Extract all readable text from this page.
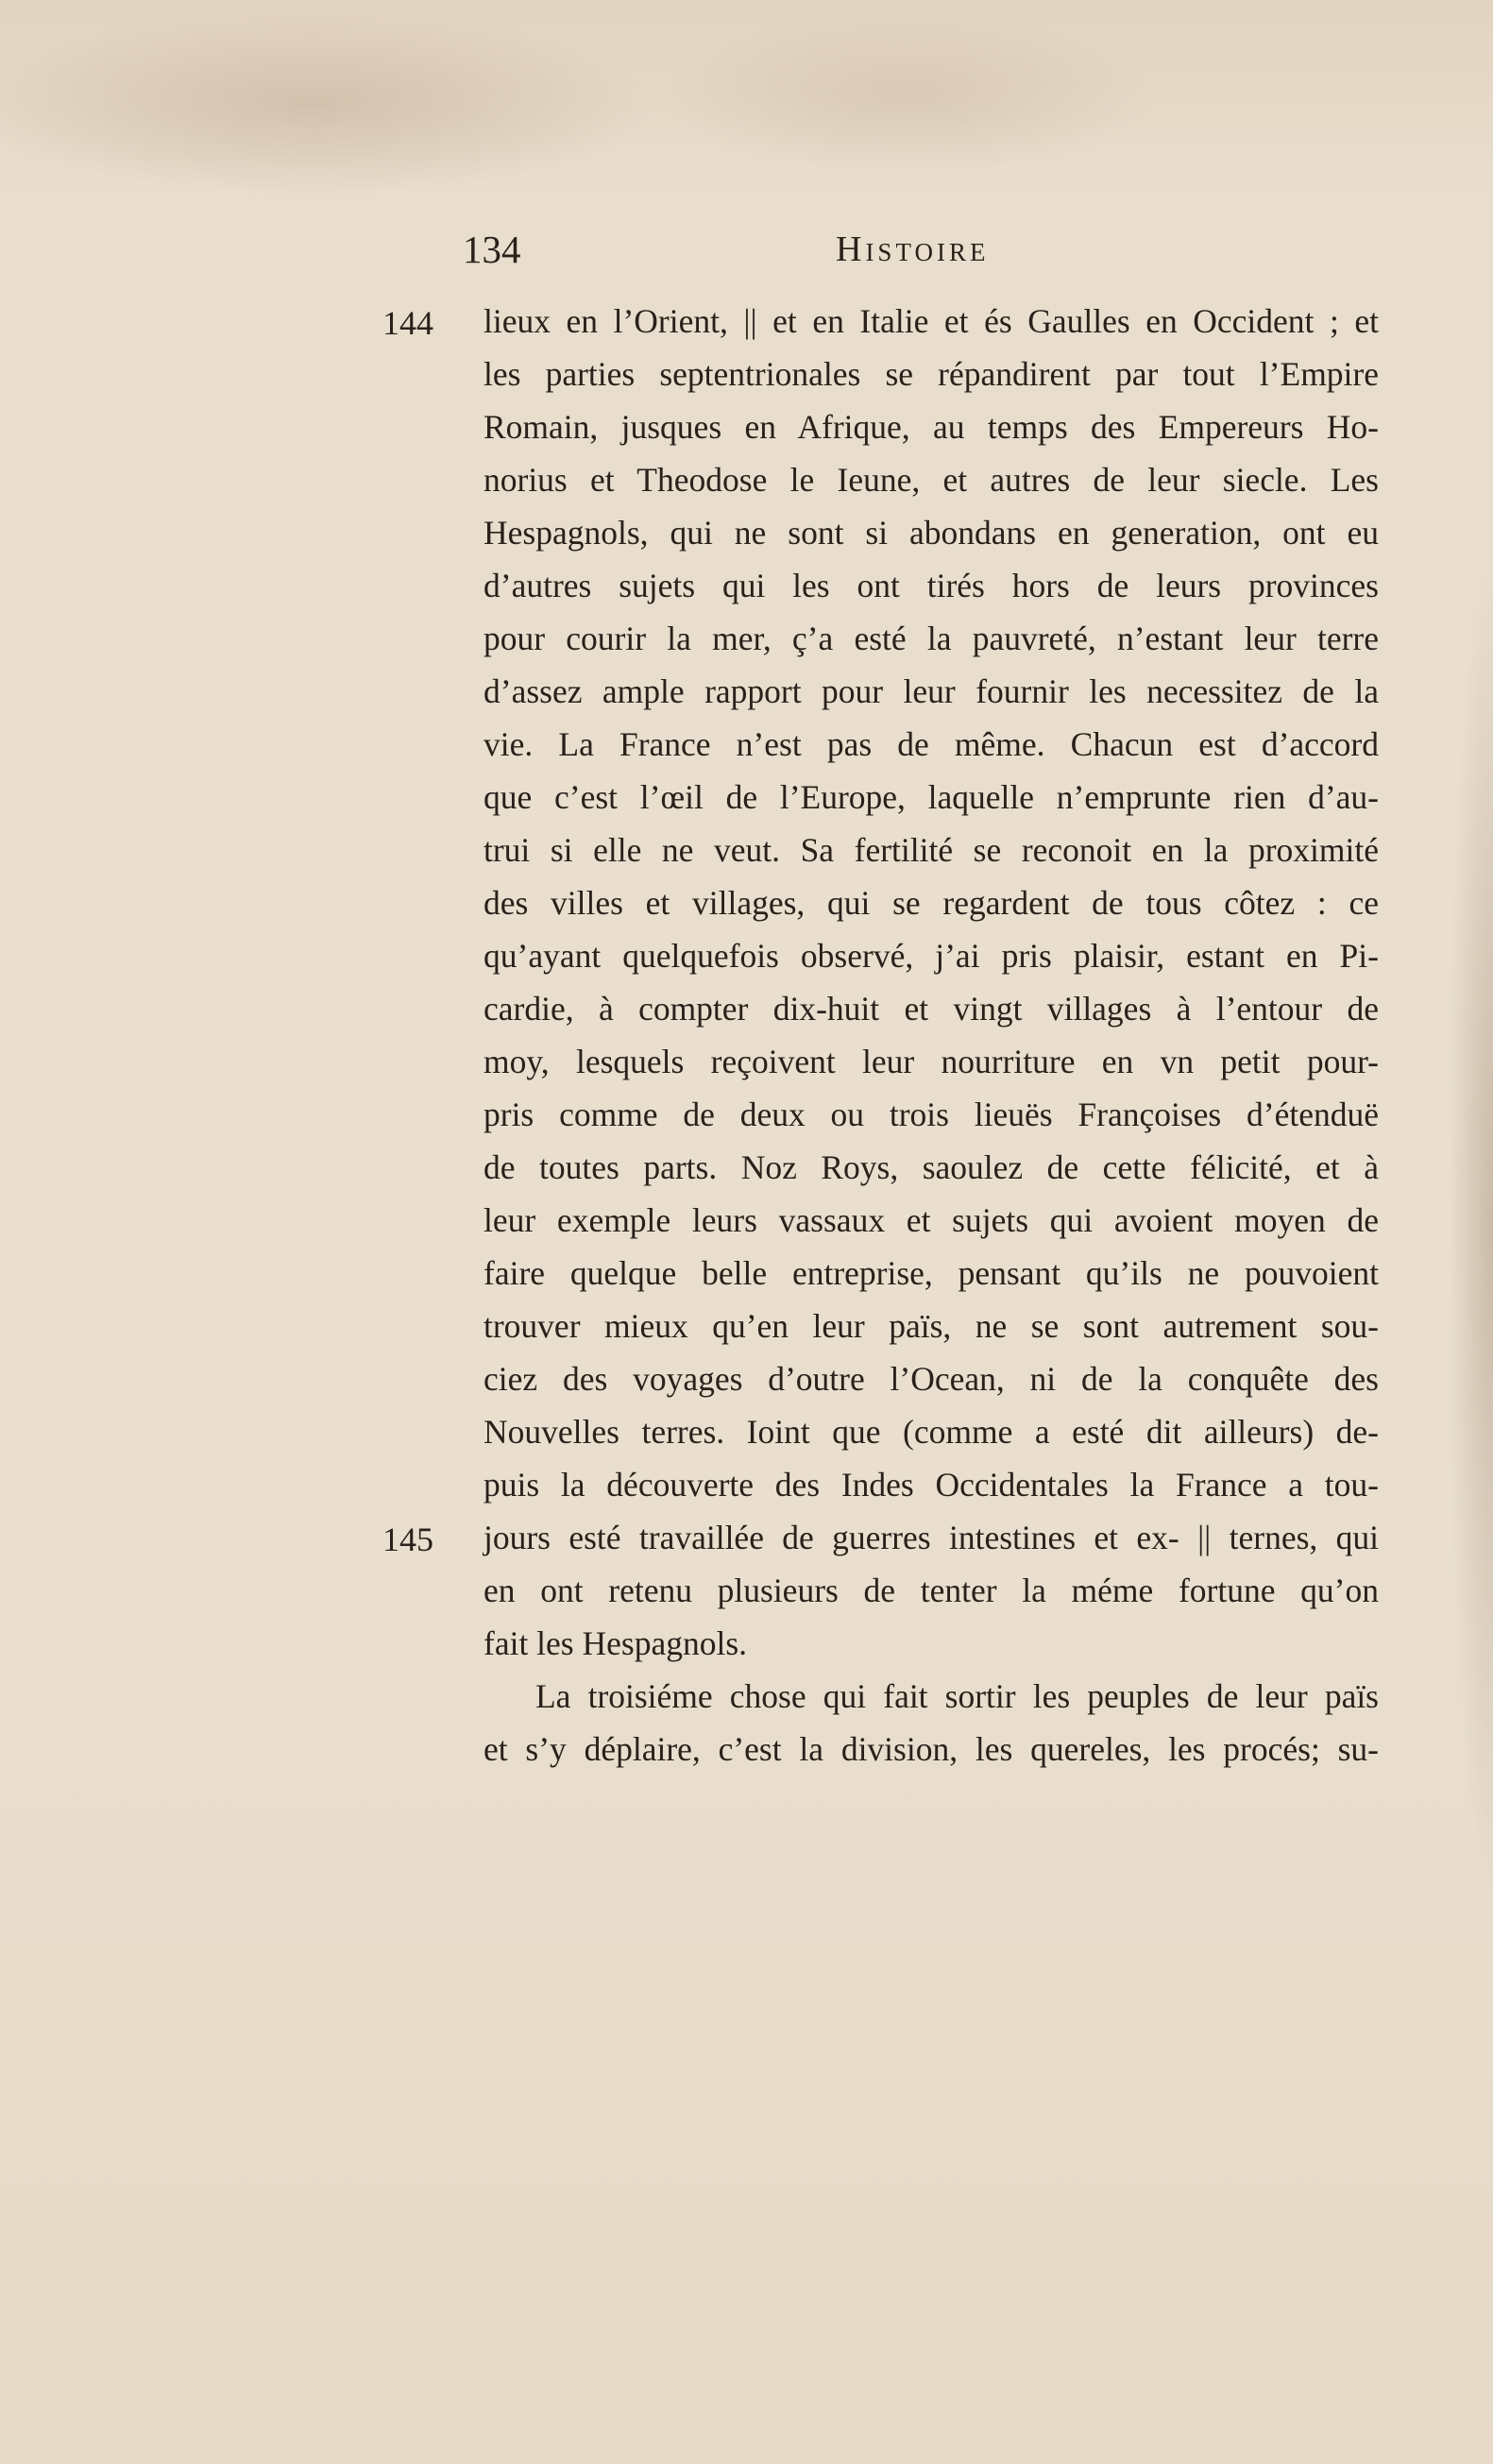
134	Histoire
144 lieux en l’Orient, || et en Italie et és Gaulles en Occident ; et
les parties septentrionales se répandirent par tout l’Empire
Romain, jusques en Afrique, au temps des Empereurs Ho-
norius et Theodose le Ieune, et autres de leur siecle. Les
Hespagnols, qui ne sont si abondans en generation, ont eu
d’autres sujets qui les ont tirés hors de leurs provinces
pour courir la mer, ç’a esté la pauvreté, n’estant leur terre
d’assez ample rapport pour leur fournir les necessitez de la
vie. La France n’est pas de même. Chacun est d’accord
que c’est l’œil de l’Europe, laquelle n’emprunte rien d’au-
trui si elle ne veut. Sa fertilité se reconoit en la proximité
des villes et villages, qui se regardent de tous côtez : ce
qu’ayant quelquefois observé, j’ai pris plaisir, estant en Pi-
cardie, à compter dix-huit et vingt villages à l’entour de
moy, lesquels reçoivent leur nourriture en vn petit pour-
pris comme de deux ou trois lieuës Françoises d’étenduë
de toutes parts. Noz Roys, saoulez de cette félicité, et à
leur exemple leurs vassaux et sujets qui avoient moyen de
faire quelque belle entreprise, pensant qu’ils ne pouvoient
trouver mieux qu’en leur païs, ne se sont autrement sou-
ciez des voyages d’outre l’Ocean, ni de la conquête des
Nouvelles terres. Ioint que (comme a esté dit ailleurs) de-
puis la découverte des Indes Occidentales la France a tou-
145 jours esté travaillée de guerres intestines et ex- || ternes, qui
en ont retenu plusieurs de tenter la méme fortune qu’on
fait les Hespagnols.
La troisiéme chose qui fait sortir les peuples de leur païs
et s’y déplaire, c’est la division, les quereles, les procés; su-
